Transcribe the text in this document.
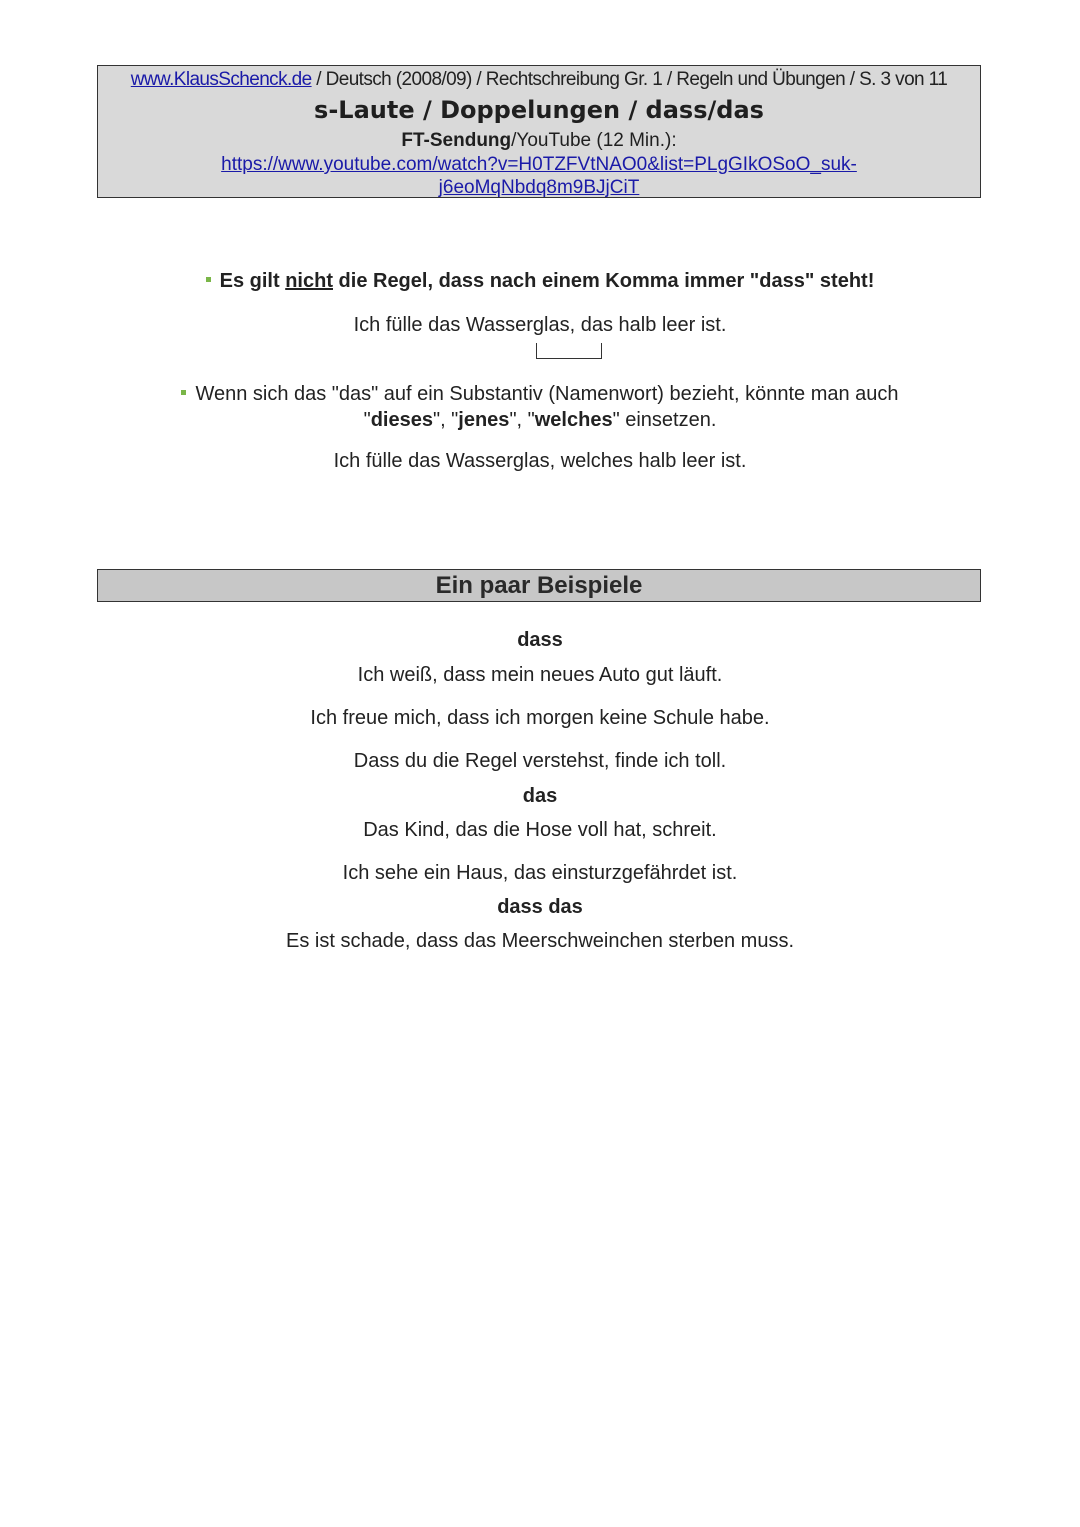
www.KlausSchenck.de / Deutsch (2008/09) / Rechtschreibung Gr. 1 / Regeln und Übungen / S. 3 von 11
s-Laute / Doppelungen / dass/das
FT-Sendung/YouTube (12 Min.):
https://www.youtube.com/watch?v=H0TZFVtNAO0&list=PLgGIkOSoO_suk-
j6eoMqNbdq8m9BJjCiT
Es gilt nicht die Regel, dass nach einem Komma immer "dass" steht!
Ich fülle das Wasserglas, das halb leer ist.
Wenn sich das "das" auf ein Substantiv (Namenwort) bezieht, könnte man auch
"dieses", "jenes", "welches" einsetzen.
Ich fülle das Wasserglas, welches halb leer ist.
Ein paar Beispiele
dass
Ich weiß, dass mein neues Auto gut läuft.
Ich freue mich, dass ich morgen keine Schule habe.
Dass du die Regel verstehst, finde ich toll.
das
Das Kind, das die Hose voll hat, schreit.
Ich sehe ein Haus, das einsturzgefährdet ist.
dass das
Es ist schade, dass das Meerschweinchen sterben muss.
